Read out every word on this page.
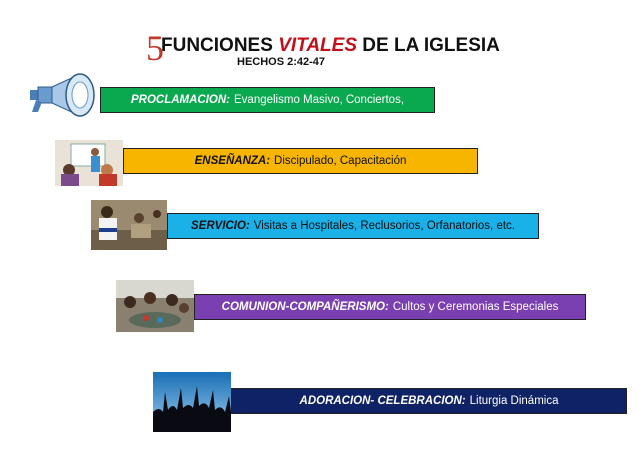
5
FUNCIONES VITALES DE LA IGLESIA
HECHOS 2:42-47
PROCLAMACION: Evangelismo Masivo, Conciertos,
ENSEÑANZA: Discipulado, Capacitación
SERVICIO: Visitas a Hospitales, Reclusorios, Orfanatorios, etc.
COMUNION-COMPAÑERISMO: Cultos y Ceremonias Especiales
ADORACION- CELEBRACION: Liturgia Dinámica
